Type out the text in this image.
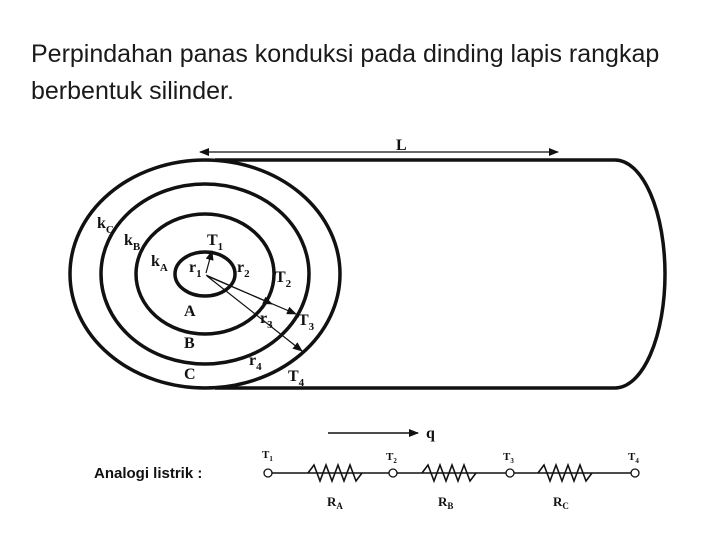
Perpindahan panas konduksi pada dinding lapis rangkap berbentuk silinder.
L
$k_C$
$k_B$
$k_A$ $r_1$ $r_2$
$r_3$
$r_4$
$T_1$
$T_2$
$T_3$
$T_4$
A
B
C
q
Analogi listrik :
$T_1$	$T_2$	$T_3$	$T_4$
$R_A$	$R_B$	$R_C$
